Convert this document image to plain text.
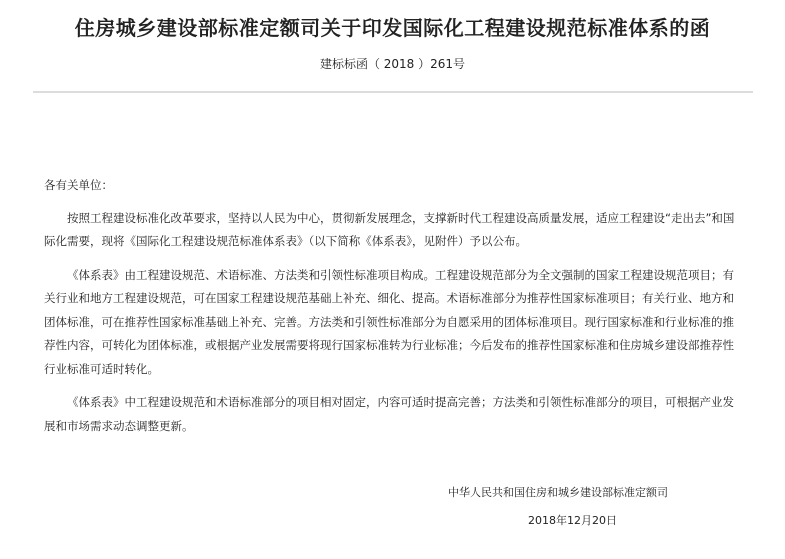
住房城乡建设部标准定额司关于印发国际化工程建设规范标准体系的函
建标标函（ 2018 ）261号

各有关单位：

按照工程建设标准化改革要求，坚持以人民为中心，贯彻新发展理念，支撑新时代工程建设高质量发展，适应工程建设“走出去”和国际化需要，现将《国际化工程建设规范标准体系表》（以下简称《体系表》，见附件）予以公布。

《体系表》由工程建设规范、术语标准、方法类和引领性标准项目构成。工程建设规范部分为全文强制的国家工程建设规范项目；有关行业和地方工程建设规范，可在国家工程建设规范基础上补充、细化、提高。术语标准部分为推荐性国家标准项目；有关行业、地方和团体标准，可在推荐性国家标准基础上补充、完善。方法类和引领性标准部分为自愿采用的团体标准项目。现行国家标准和行业标准的推荐性内容，可转化为团体标准，或根据产业发展需要将现行国家标准转为行业标准；今后发布的推荐性国家标准和住房城乡建设部推荐性行业标准可适时转化。

《体系表》中工程建设规范和术语标准部分的项目相对固定，内容可适时提高完善；方法类和引领性标准部分的项目，可根据产业发展和市场需求动态调整更新。

中华人民共和国住房和城乡建设部标准定额司
2018年12月20日
